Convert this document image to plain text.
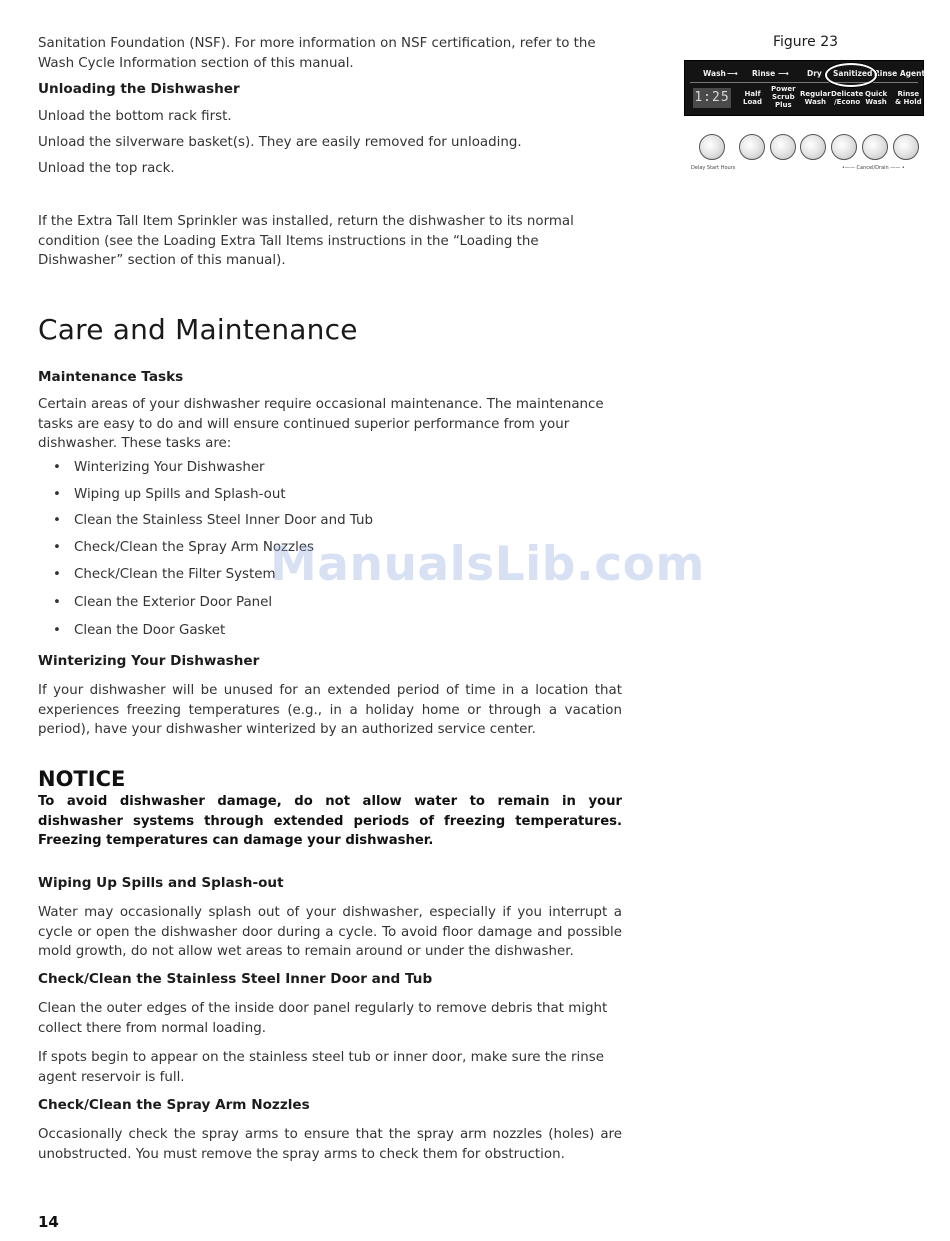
Sanitation Foundation (NSF). For more information on NSF certification, refer to the Wash Cycle Information section of this manual.

Unloading the Dishwasher

Unload the bottom rack first.

Unload the silverware basket(s). They are easily removed for unloading.

Unload the top rack.

If the Extra Tall Item Sprinkler was installed, return the dishwasher to its normal condition (see the Loading Extra Tall Items instructions in the “Loading the Dishwasher” section of this manual).

Figure 23
Wash ⟶ Rinse ⟶ Dry Sanitized Rinse Agent
1:25 Half
Load
Power
Scrub
Plus
Regular
Wash
Delicate
/Econo
Quick
Wash
Rinse
& Hold
Delay Start Hours	•—— Cancel/Drain —— •
Care and Maintenance

Maintenance Tasks

Certain areas of your dishwasher require occasional maintenance. The maintenance tasks are easy to do and will ensure continued superior performance from your dishwasher. These tasks are:

• Winterizing Your Dishwasher
• Wiping up Spills and Splash-out
• Clean the Stainless Steel Inner Door and Tub
• Check/Clean the Spray Arm Nozzles
• Check/Clean the Filter System
• Clean the Exterior Door Panel
• Clean the Door Gasket

Winterizing Your Dishwasher

If your dishwasher will be unused for an extended period of time in a location that experiences freezing temperatures (e.g., in a holiday home or through a vacation period), have your dishwasher winterized by an authorized service center.

NOTICE

To avoid dishwasher damage, do not allow water to remain in your dishwasher systems through extended periods of freezing temperatures. Freezing temperatures can damage your dishwasher.

Wiping Up Spills and Splash-out

Water may occasionally splash out of your dishwasher, especially if you interrupt a cycle or open the dishwasher door during a cycle. To avoid floor damage and possible mold growth, do not allow wet areas to remain around or under the dishwasher.

Check/Clean the Stainless Steel Inner Door and Tub

Clean the outer edges of the inside door panel regularly to remove debris that might collect there from normal loading.

If spots begin to appear on the stainless steel tub or inner door, make sure the rinse agent reservoir is full.

Check/Clean the Spray Arm Nozzles

Occasionally check the spray arms to ensure that the spray arm nozzles (holes) are unobstructed. You must remove the spray arms to check them for obstruction.

ManualsLib.com
14
